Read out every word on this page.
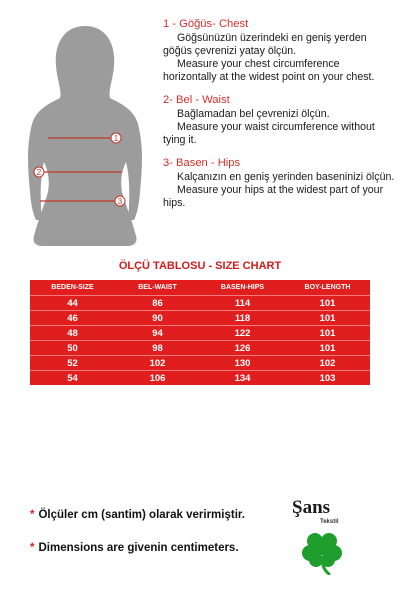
1
2
3
1 - Göğüs- Chest

Göğsünüzün üzerindeki en geniş yerden göğüs çevrenizi yatay ölçün.

Measure your chest circumference horizontally at the widest point on your chest.

2- Bel - Waist

Bağlamadan bel çevrenizi ölçün.

Measure your waist circumference without tying it.

3- Basen - Hips

Kalçanızın en geniş yerinden baseninizi ölçün.

Measure your hips at the widest part of your hips.

ÖLÇÜ TABLOSU - SIZE CHART
BEDEN-SIZE	BEL-WAIST	BASEN-HIPS	BOY-LENGTH
44	86	114	101
46	90	118	101
48	94	122	101
50	98	126	101
52	102	130	102
54	106	134	103
* Ölçüler cm (santim) olarak verirmiştir.
* Dimensions are givenin centimeters.
Şans
Tekstil
